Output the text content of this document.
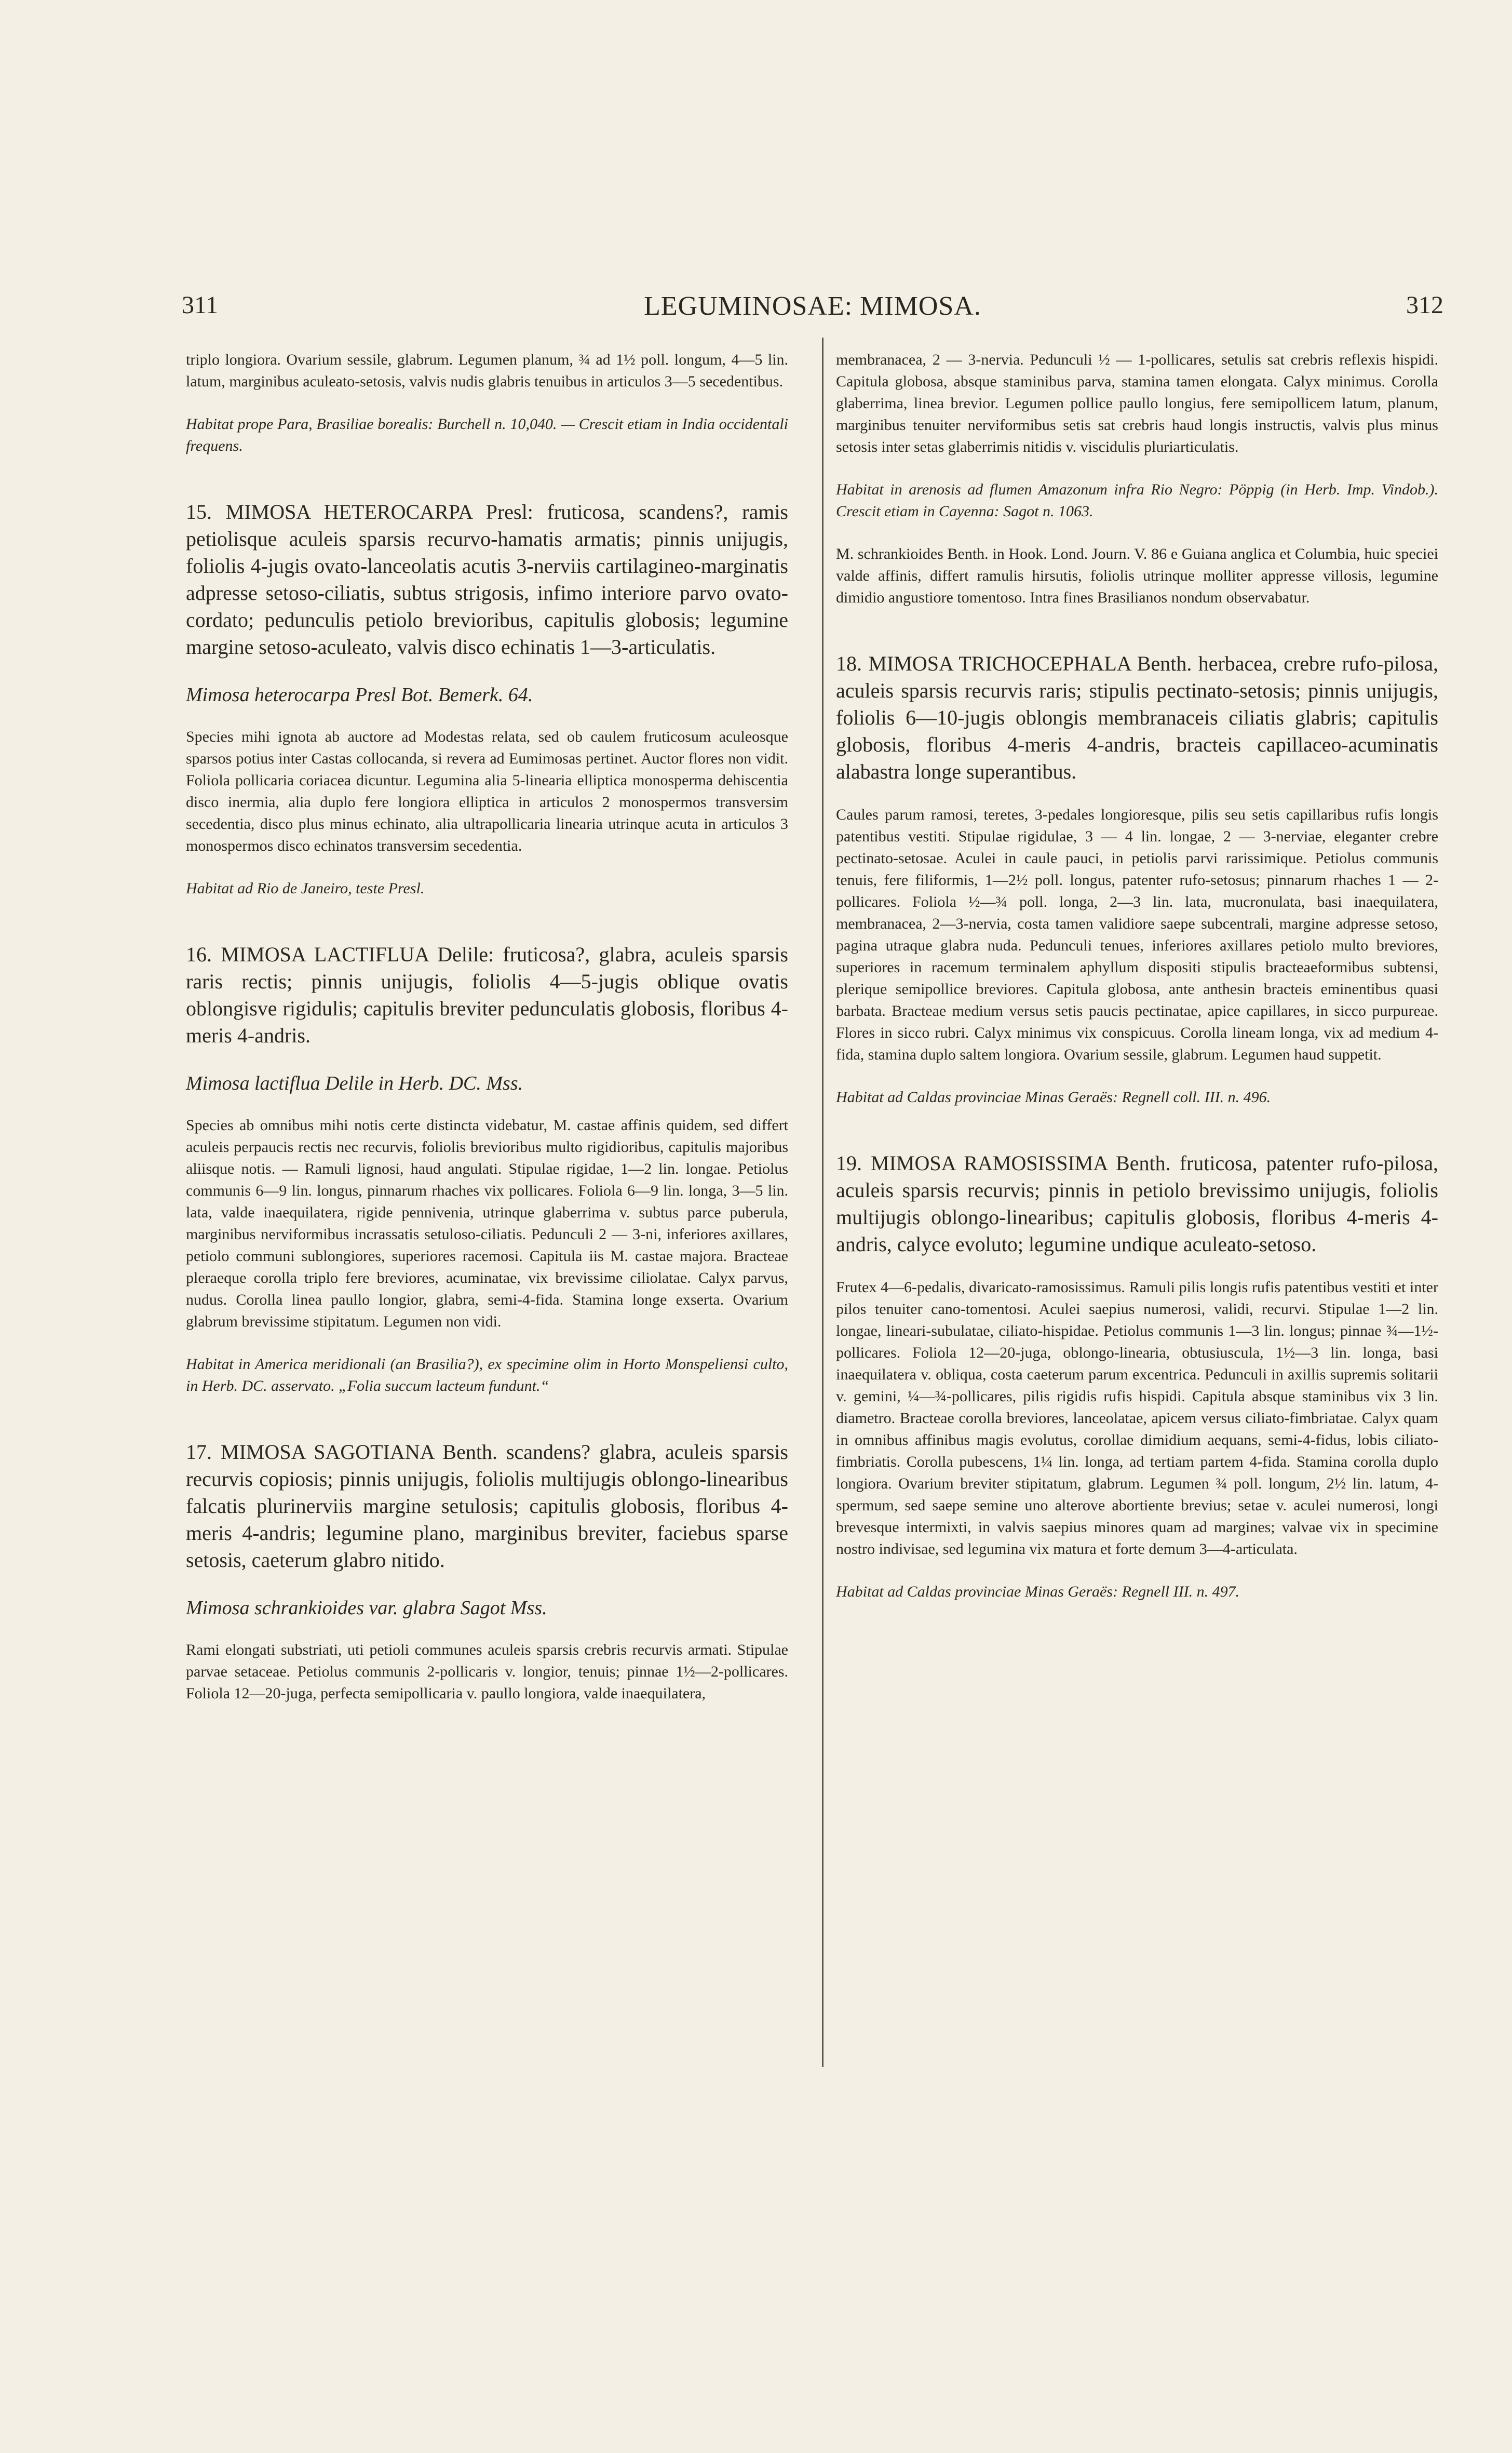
311	LEGUMINOSAE: MIMOSA.	312

triplo longiora. Ovarium sessile, glabrum. Legumen planum, ¾ ad 1½ poll. longum, 4—5 lin. latum, marginibus aculeato-setosis, valvis nudis glabris tenuibus in articulos 3—5 secedentibus.

Habitat prope Para, Brasiliae borealis: Burchell n. 10,040. — Crescit etiam in India occidentali frequens.

15. MIMOSA HETEROCARPA Presl: fruticosa, scandens?, ramis petiolisque aculeis sparsis recurvo-hamatis armatis; pinnis unijugis, foliolis 4-jugis ovato-lanceolatis acutis 3-nerviis cartilagineo-marginatis adpresse setoso-ciliatis, subtus strigosis, infimo interiore parvo ovato-cordato; pedunculis petiolo brevioribus, capitulis globosis; legumine margine setoso-aculeato, valvis disco echinatis 1—3-articulatis.

Mimosa heterocarpa Presl Bot. Bemerk. 64.

Species mihi ignota ab auctore ad Modestas relata, sed ob caulem fruticosum aculeosque sparsos potius inter Castas collocanda, si revera ad Eumimosas pertinet. Auctor flores non vidit. Foliola pollicaria coriacea dicuntur. Legumina alia 5-linearia elliptica monosperma dehiscentia disco inermia, alia duplo fere longiora elliptica in articulos 2 monospermos transversim secedentia, disco plus minus echinato, alia ultrapollicaria linearia utrinque acuta in articulos 3 monospermos disco echinatos transversim secedentia.

Habitat ad Rio de Janeiro, teste Presl.

16. MIMOSA LACTIFLUA Delile: fruticosa?, glabra, aculeis sparsis raris rectis; pinnis unijugis, foliolis 4—5-jugis oblique ovatis oblongisve rigidulis; capitulis breviter pedunculatis globosis, floribus 4-meris 4-andris.

Mimosa lactiflua Delile in Herb. DC. Mss.

Species ab omnibus mihi notis certe distincta videbatur, M. castae affinis quidem, sed differt aculeis perpaucis rectis nec recurvis, foliolis brevioribus multo rigidioribus, capitulis majoribus aliisque notis. — Ramuli lignosi, haud angulati. Stipulae rigidae, 1—2 lin. longae. Petiolus communis 6—9 lin. longus, pinnarum rhaches vix pollicares. Foliola 6—9 lin. longa, 3—5 lin. lata, valde inaequilatera, rigide pennivenia, utrinque glaberrima v. subtus parce puberula, marginibus nerviformibus incrassatis setuloso-ciliatis. Pedunculi 2 — 3-ni, inferiores axillares, petiolo communi sublongiores, superiores racemosi. Capitula iis M. castae majora. Bracteae pleraeque corolla triplo fere breviores, acuminatae, vix brevissime ciliolatae. Calyx parvus, nudus. Corolla linea paullo longior, glabra, semi-4-fida. Stamina longe exserta. Ovarium glabrum brevissime stipitatum. Legumen non vidi.

Habitat in America meridionali (an Brasilia?), ex specimine olim in Horto Monspeliensi culto, in Herb. DC. asservato. „Folia succum lacteum fundunt.“

17. MIMOSA SAGOTIANA Benth. scandens? glabra, aculeis sparsis recurvis copiosis; pinnis unijugis, foliolis multijugis oblongo-linearibus falcatis plurinerviis margine setulosis; capitulis globosis, floribus 4-meris 4-andris; legumine plano, marginibus breviter, faciebus sparse setosis, caeterum glabro nitido.

Mimosa schrankioides var. glabra Sagot Mss.

Rami elongati substriati, uti petioli communes aculeis sparsis crebris recurvis armati. Stipulae parvae setaceae. Petiolus communis 2-pollicaris v. longior, tenuis; pinnae 1½—2-pollicares. Foliola 12—20-juga, perfecta semipollicaria v. paullo longiora, valde inaequilatera,

membranacea, 2 — 3-nervia. Pedunculi ½ — 1-pollicares, setulis sat crebris reflexis hispidi. Capitula globosa, absque staminibus parva, stamina tamen elongata. Calyx minimus. Corolla glaberrima, linea brevior. Legumen pollice paullo longius, fere semipollicem latum, planum, marginibus tenuiter nerviformibus setis sat crebris haud longis instructis, valvis plus minus setosis inter setas glaberrimis nitidis v. viscidulis pluriarticulatis.

Habitat in arenosis ad flumen Amazonum infra Rio Negro: Pöppig (in Herb. Imp. Vindob.). Crescit etiam in Cayenna: Sagot n. 1063.

M. schrankioides Benth. in Hook. Lond. Journ. V. 86 e Guiana anglica et Columbia, huic speciei valde affinis, differt ramulis hirsutis, foliolis utrinque molliter appresse villosis, legumine dimidio angustiore tomentoso. Intra fines Brasilianos nondum observabatur.

18. MIMOSA TRICHOCEPHALA Benth. herbacea, crebre rufo-pilosa, aculeis sparsis recurvis raris; stipulis pectinato-setosis; pinnis unijugis, foliolis 6—10-jugis oblongis membranaceis ciliatis glabris; capitulis globosis, floribus 4-meris 4-andris, bracteis capillaceo-acuminatis alabastra longe superantibus.

Caules parum ramosi, teretes, 3-pedales longioresque, pilis seu setis capillaribus rufis longis patentibus vestiti. Stipulae rigidulae, 3 — 4 lin. longae, 2 — 3-nerviae, eleganter crebre pectinato-setosae. Aculei in caule pauci, in petiolis parvi rarissimique. Petiolus communis tenuis, fere filiformis, 1—2½ poll. longus, patenter rufo-setosus; pinnarum rhaches 1 — 2-pollicares. Foliola ½—¾ poll. longa, 2—3 lin. lata, mucronulata, basi inaequilatera, membranacea, 2—3-nervia, costa tamen validiore saepe subcentrali, margine adpresse setoso, pagina utraque glabra nuda. Pedunculi tenues, inferiores axillares petiolo multo breviores, superiores in racemum terminalem aphyllum dispositi stipulis bracteaeformibus subtensi, plerique semipollice breviores. Capitula globosa, ante anthesin bracteis eminentibus quasi barbata. Bracteae medium versus setis paucis pectinatae, apice capillares, in sicco purpureae. Flores in sicco rubri. Calyx minimus vix conspicuus. Corolla lineam longa, vix ad medium 4-fida, stamina duplo saltem longiora. Ovarium sessile, glabrum. Legumen haud suppetit.

Habitat ad Caldas provinciae Minas Geraës: Regnell coll. III. n. 496.

19. MIMOSA RAMOSISSIMA Benth. fruticosa, patenter rufo-pilosa, aculeis sparsis recurvis; pinnis in petiolo brevissimo unijugis, foliolis multijugis oblongo-linearibus; capitulis globosis, floribus 4-meris 4-andris, calyce evoluto; legumine undique aculeato-setoso.

Frutex 4—6-pedalis, divaricato-ramosissimus. Ramuli pilis longis rufis patentibus vestiti et inter pilos tenuiter cano-tomentosi. Aculei saepius numerosi, validi, recurvi. Stipulae 1—2 lin. longae, lineari-subulatae, ciliato-hispidae. Petiolus communis 1—3 lin. longus; pinnae ¾—1½-pollicares. Foliola 12—20-juga, oblongo-linearia, obtusiuscula, 1½—3 lin. longa, basi inaequilatera v. obliqua, costa caeterum parum excentrica. Pedunculi in axillis supremis solitarii v. gemini, ¼—¾-pollicares, pilis rigidis rufis hispidi. Capitula absque staminibus vix 3 lin. diametro. Bracteae corolla breviores, lanceolatae, apicem versus ciliato-fimbriatae. Calyx quam in omnibus affinibus magis evolutus, corollae dimidium aequans, semi-4-fidus, lobis ciliato-fimbriatis. Corolla pubescens, 1¼ lin. longa, ad tertiam partem 4-fida. Stamina corolla duplo longiora. Ovarium breviter stipitatum, glabrum. Legumen ¾ poll. longum, 2½ lin. latum, 4-spermum, sed saepe semine uno alterove abortiente brevius; setae v. aculei numerosi, longi brevesque intermixti, in valvis saepius minores quam ad margines; valvae vix in specimine nostro indivisae, sed legumina vix matura et forte demum 3—4-articulata.

Habitat ad Caldas provinciae Minas Geraës: Regnell III. n. 497.
